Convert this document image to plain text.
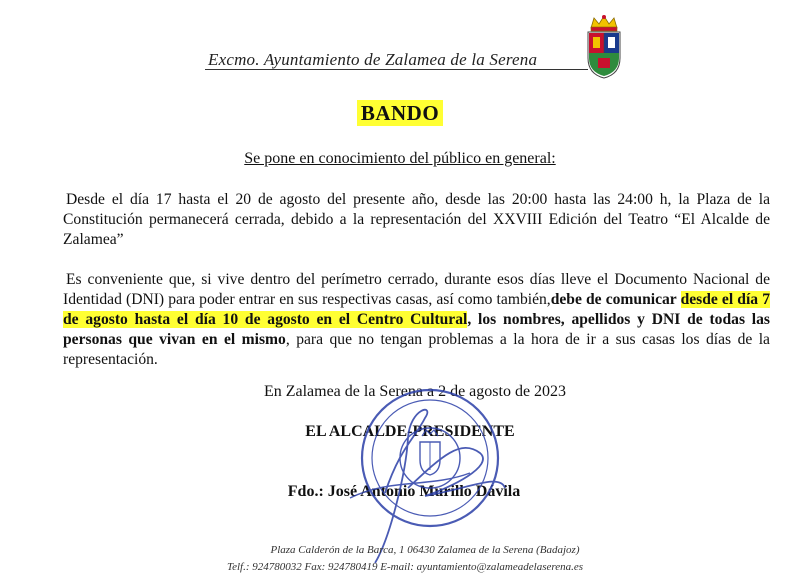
Excmo. Ayuntamiento de Zalamea de la Serena
BANDO
Se pone en conocimiento del público en general:
Desde el día 17 hasta el 20 de agosto del presente año, desde las 20:00 hasta las 24:00 h, la Plaza de la Constitución permanecerá cerrada, debido a la representación del XXVIII Edición del Teatro “El Alcalde de Zalamea”
Es conveniente que, si vive dentro del perímetro cerrado, durante esos días lleve el Documento Nacional de Identidad (DNI) para poder entrar en sus respectivas casas, así como también,debe de comunicar desde el día 7 de agosto hasta el día 10 de agosto en el Centro Cultural, los nombres, apellidos y DNI de todas las personas que vivan en el mismo, para que no tengan problemas a la hora de ir a sus casas los días de la representación.
En Zalamea de la Serena a 2 de agosto de 2023
EL ALCALDE-PRESIDENTE
Fdo.: José Antonio Murillo Dávila
Plaza Calderón de la Barca, 1 06430 Zalamea de la Serena (Badajoz)
Telf.: 924780032 Fax: 924780419 E-mail: ayuntamiento@zalameadelaserena.es
